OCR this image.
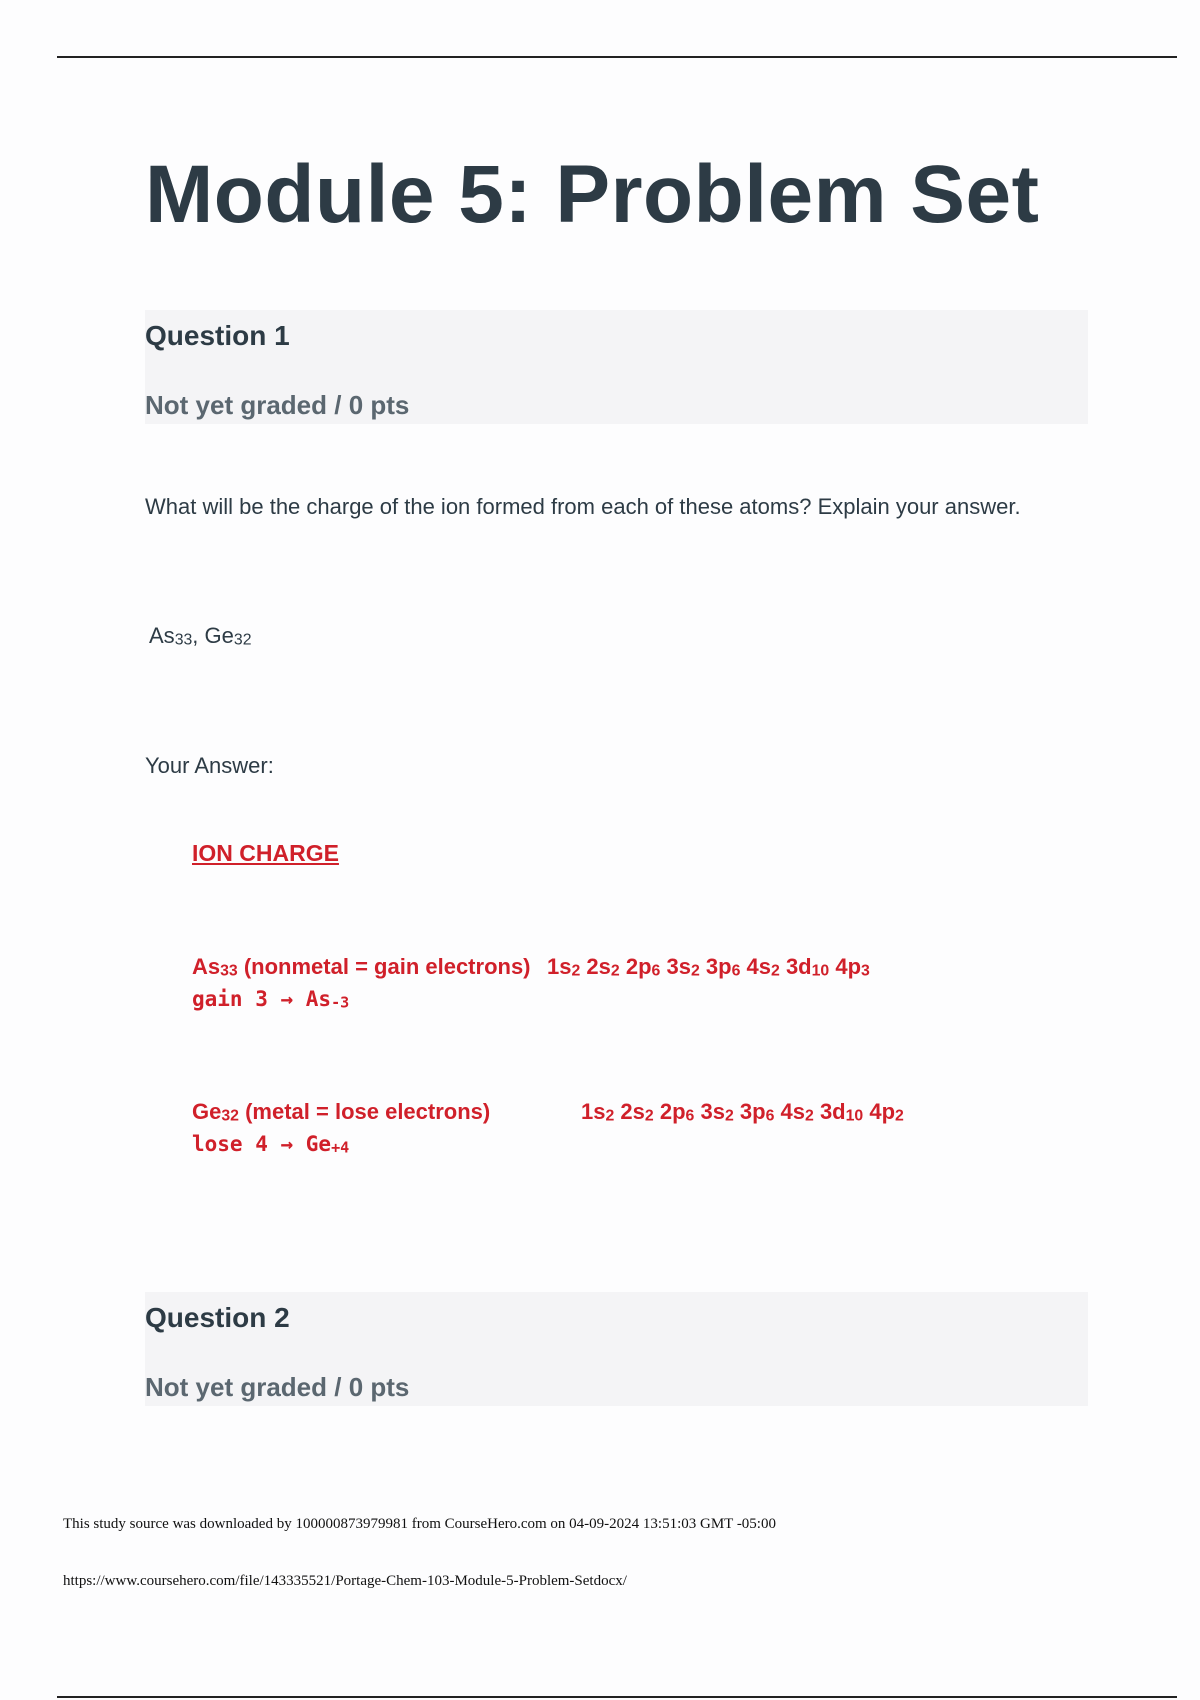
Module 5: Problem Set
Question 1
Not yet graded / 0 pts
What will be the charge of the ion formed from each of these atoms? Explain your answer.
$As_{33}$, $Ge_{32}$
Your Answer:
ION CHARGE
$As_{33}$ (nonmetal = gain electrons) $1s_2$ $2s_2$ $2p_6$ $3s_2$ $3p_6$ $4s_2$ $3d_{10}$ $4p_3$
gain $3 \to As_{-3}$
$Ge_{32}$ (metal = lose electrons)	$1s_2$ $2s_2$ $2p_6$ $3s_2$ $3p_6$ $4s_2$ $3d_{10}$ $4p_2$
lose $4 \to Ge_{+4}$
Question 2
Not yet graded / 0 pts
This study source was downloaded by 100000873979981 from CourseHero.com on 04-09-2024 13:51:03 GMT -05:00
https://www.coursehero.com/file/143335521/Portage-Chem-103-Module-5-Problem-Setdocx/
